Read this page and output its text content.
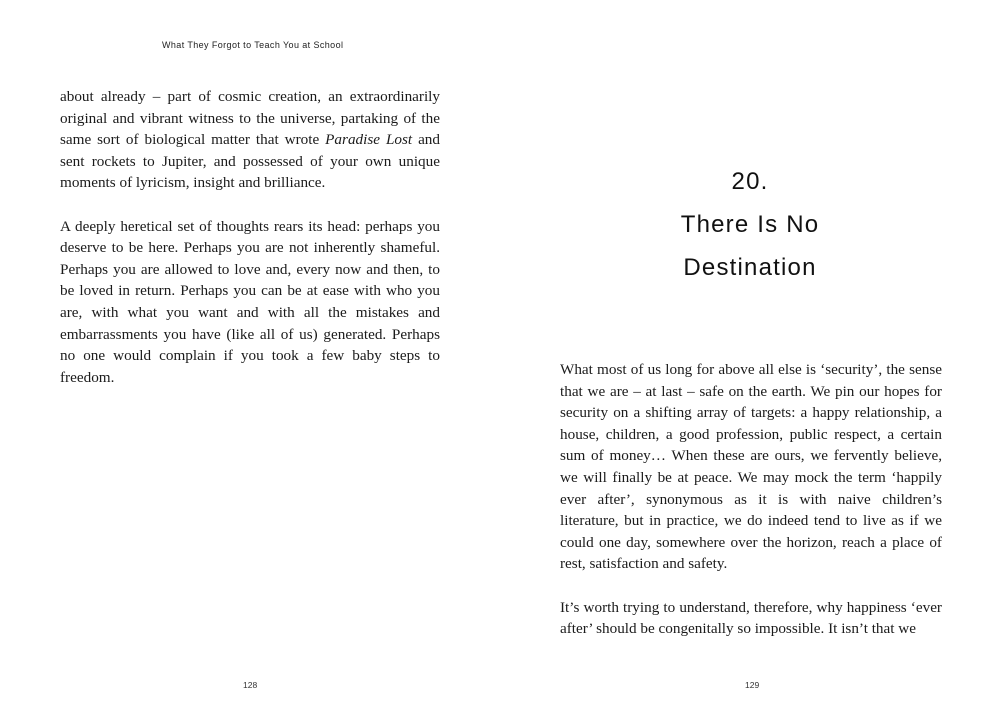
What They Forgot to Teach You at School

about already – part of cosmic creation, an extraordinarily original and vibrant witness to the universe, partaking of the same sort of biological matter that wrote Paradise Lost and sent rockets to Jupiter, and possessed of your own unique moments of lyricism, insight and brilliance.

A deeply heretical set of thoughts rears its head: perhaps you deserve to be here. Perhaps you are not inherently shameful. Perhaps you are allowed to love and, every now and then, to be loved in return. Perhaps you can be at ease with who you are, with what you want and with all the mistakes and embarrassments you have (like all of us) generated. Perhaps no one would complain if you took a few baby steps to freedom.

128
20.
There Is No
Destination

What most of us long for above all else is ‘security’, the sense that we are – at last – safe on the earth. We pin our hopes for security on a shifting array of targets: a happy relationship, a house, children, a good profession, public respect, a certain sum of money… When these are ours, we fervently believe, we will finally be at peace. We may mock the term ‘happily ever after’, synonymous as it is with naive children’s literature, but in practice, we do indeed tend to live as if we could one day, somewhere over the horizon, reach a place of rest, satisfaction and safety.

It’s worth trying to understand, therefore, why happiness ‘ever after’ should be congenitally so impossible. It isn’t that we

129
